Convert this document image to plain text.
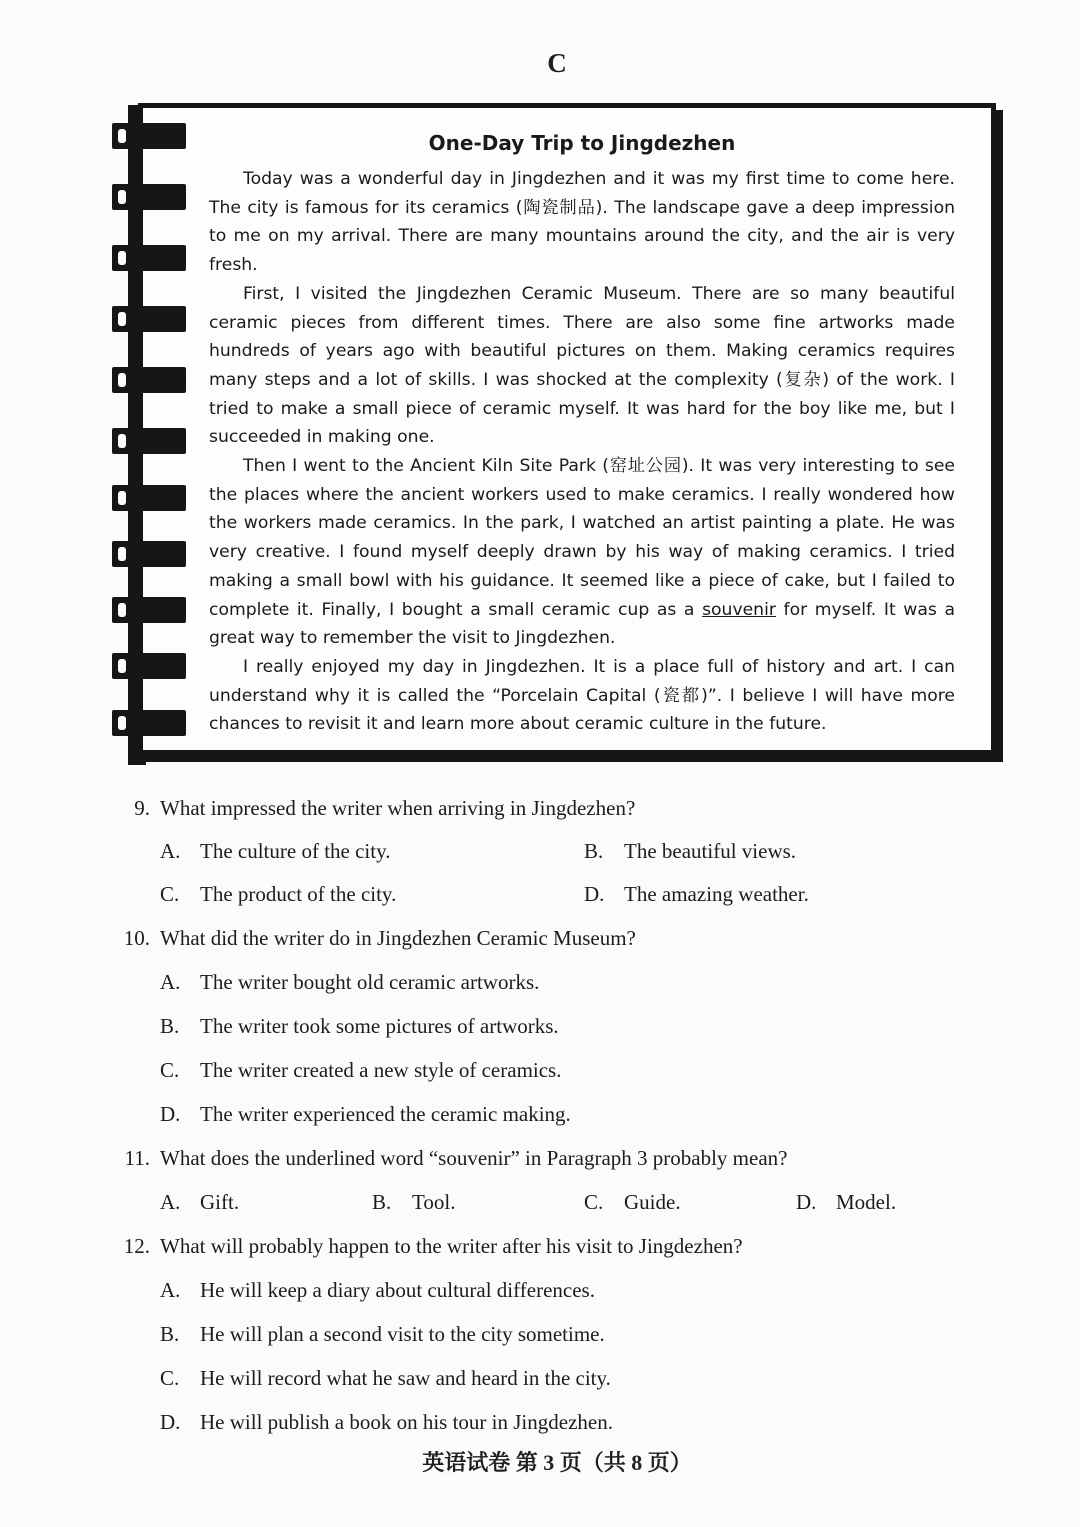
C
One-Day Trip to Jingdezhen

Today was a wonderful day in Jingdezhen and it was my first time to come here. The city is famous for its ceramics (陶瓷制品). The landscape gave a deep impression to me on my arrival. There are many mountains around the city, and the air is very fresh.

First, I visited the Jingdezhen Ceramic Museum. There are so many beautiful ceramic pieces from different times. There are also some fine artworks made hundreds of years ago with beautiful pictures on them. Making ceramics requires many steps and a lot of skills. I was shocked at the complexity (复杂) of the work. I tried to make a small piece of ceramic myself. It was hard for the boy like me, but I succeeded in making one.

Then I went to the Ancient Kiln Site Park (窑址公园). It was very interesting to see the places where the ancient workers used to make ceramics. I really wondered how the workers made ceramics. In the park, I watched an artist painting a plate. He was very creative. I found myself deeply drawn by his way of making ceramics. I tried making a small bowl with his guidance. It seemed like a piece of cake, but I failed to complete it. Finally, I bought a small ceramic cup as a souvenir for myself. It was a great way to remember the visit to Jingdezhen.

I really enjoyed my day in Jingdezhen. It is a place full of history and art. I can understand why it is called the “Porcelain Capital (瓷都)”. I believe I will have more chances to revisit it and learn more about ceramic culture in the future.

9. What impressed the writer when arriving in Jingdezhen?
A. The culture of the city.	B. The beautiful views.
C. The product of the city.	D. The amazing weather.
10. What did the writer do in Jingdezhen Ceramic Museum?
A. The writer bought old ceramic artworks.
B. The writer took some pictures of artworks.
C. The writer created a new style of ceramics.
D. The writer experienced the ceramic making.
11. What does the underlined word “souvenir” in Paragraph 3 probably mean?
A. Gift.	B. Tool.	C. Guide.	D. Model.
12. What will probably happen to the writer after his visit to Jingdezhen?
A. He will keep a diary about cultural differences.
B. He will plan a second visit to the city sometime.
C. He will record what he saw and heard in the city.
D. He will publish a book on his tour in Jingdezhen.
英语试卷 第 3 页（共 8 页）
